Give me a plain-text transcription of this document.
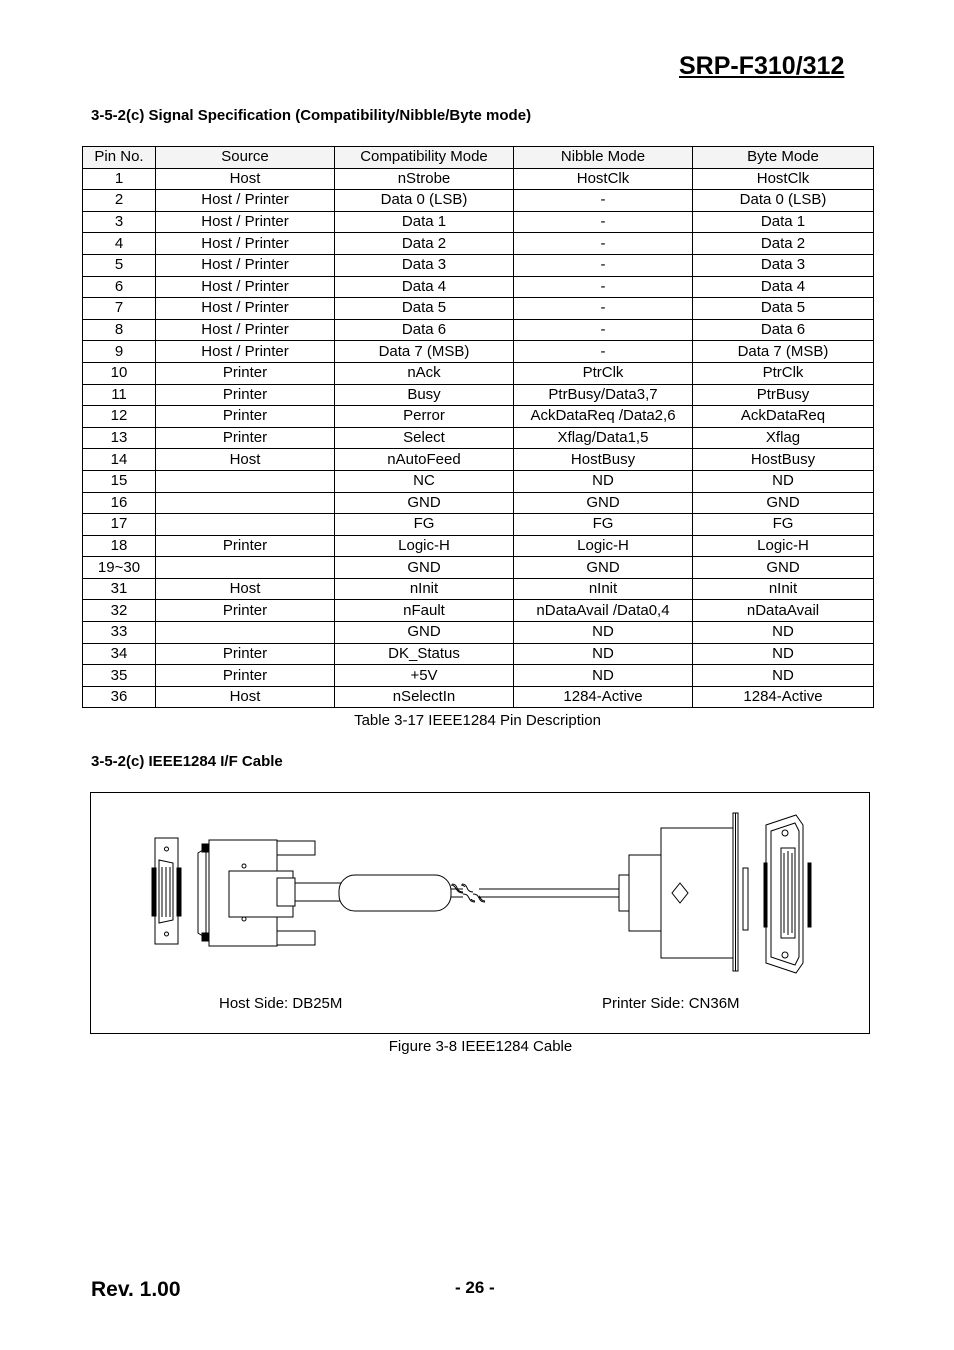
SRP-F310/312
3-5-2(c) Signal Specification (Compatibility/Nibble/Byte mode)
Pin No.	Source	Compatibility Mode	Nibble Mode	Byte Mode
1	Host	nStrobe	HostClk	HostClk
2	Host / Printer	Data 0 (LSB)	-	Data 0 (LSB)
3	Host / Printer	Data 1	-	Data 1
4	Host / Printer	Data 2	-	Data 2
5	Host / Printer	Data 3	-	Data 3
6	Host / Printer	Data 4	-	Data 4
7	Host / Printer	Data 5	-	Data 5
8	Host / Printer	Data 6	-	Data 6
9	Host / Printer	Data 7 (MSB)	-	Data 7 (MSB)
10	Printer	nAck	PtrClk	PtrClk
11	Printer	Busy	PtrBusy/Data3,7	PtrBusy
12	Printer	Perror	AckDataReq /Data2,6	AckDataReq
13	Printer	Select	Xflag/Data1,5	Xflag
14	Host	nAutoFeed	HostBusy	HostBusy
15		NC	ND	ND
16		GND	GND	GND
17		FG	FG	FG
18	Printer	Logic-H	Logic-H	Logic-H
19~30		GND	GND	GND
31	Host	nInit	nInit	nInit
32	Printer	nFault	nDataAvail /Data0,4	nDataAvail
33		GND	ND	ND
34	Printer	DK_Status	ND	ND
35	Printer	+5V	ND	ND
36	Host	nSelectIn	1284-Active	1284-Active
Table 3-17 IEEE1284 Pin Description
3-5-2(c) IEEE1284 I/F Cable
Host Side: DB25M	Printer Side: CN36M
Figure 3-8 IEEE1284 Cable
Rev. 1.00	- 26 -
